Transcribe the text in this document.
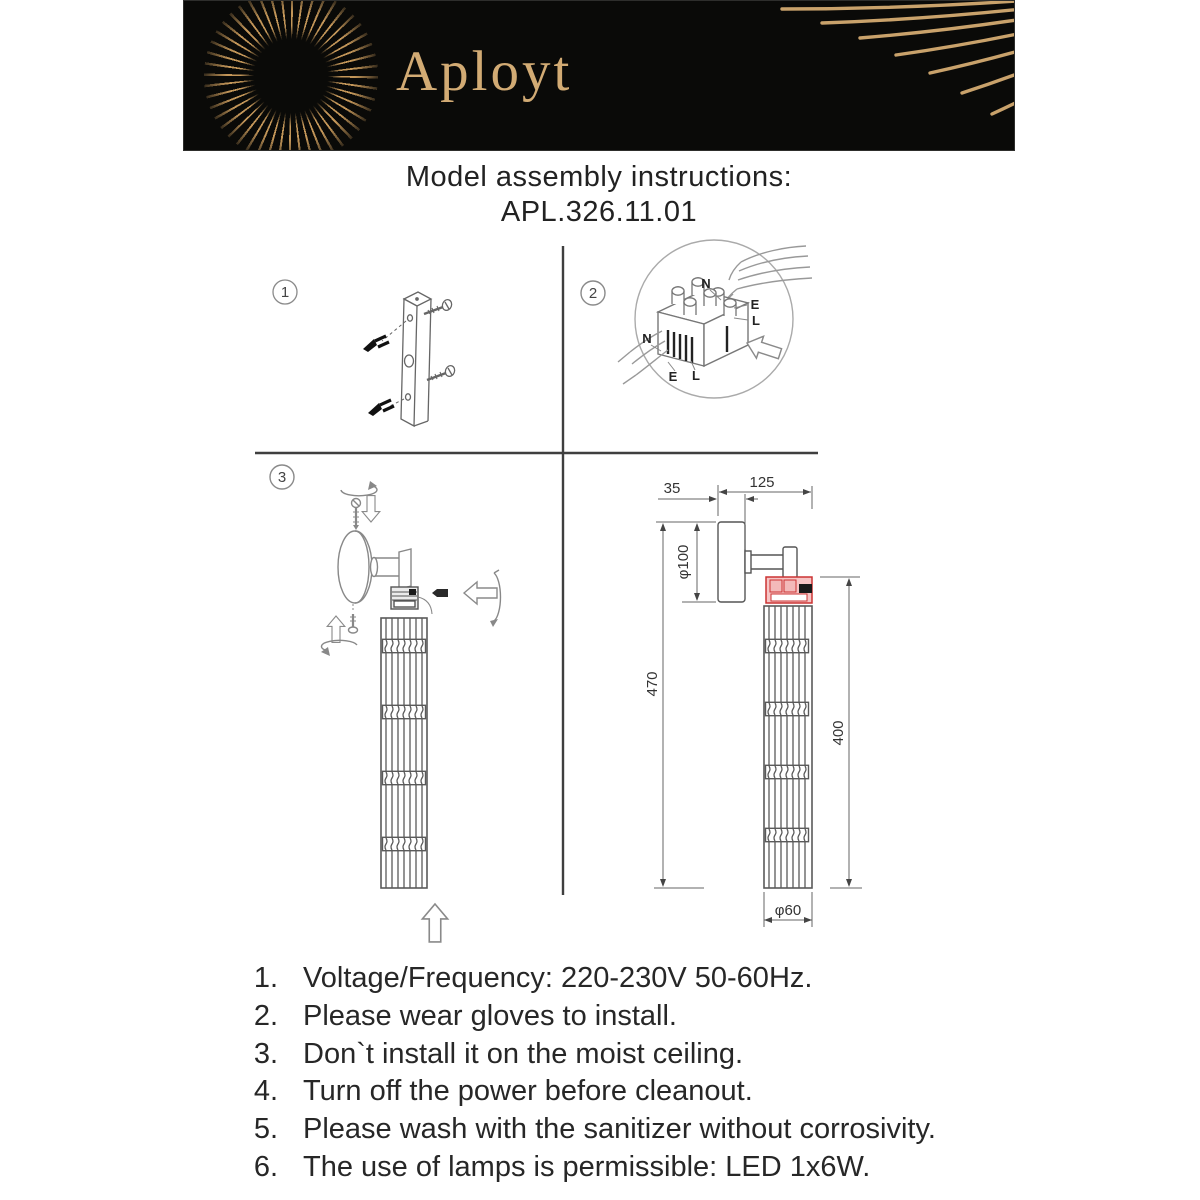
Aployt
Model assembly instructions:
APL.326.11.01
1	2
N
E
L
N
E L
3
35	125
φ100
470
400
φ60
1. Voltage/Frequency: 220-230V 50-60Hz.
2. Please wear gloves to install.
3. Don`t install it on the moist ceiling.
4. Turn off the power before cleanout.
5. Please wash with the sanitizer without corrosivity.
6. The use of lamps is permissible: LED 1x6W.
